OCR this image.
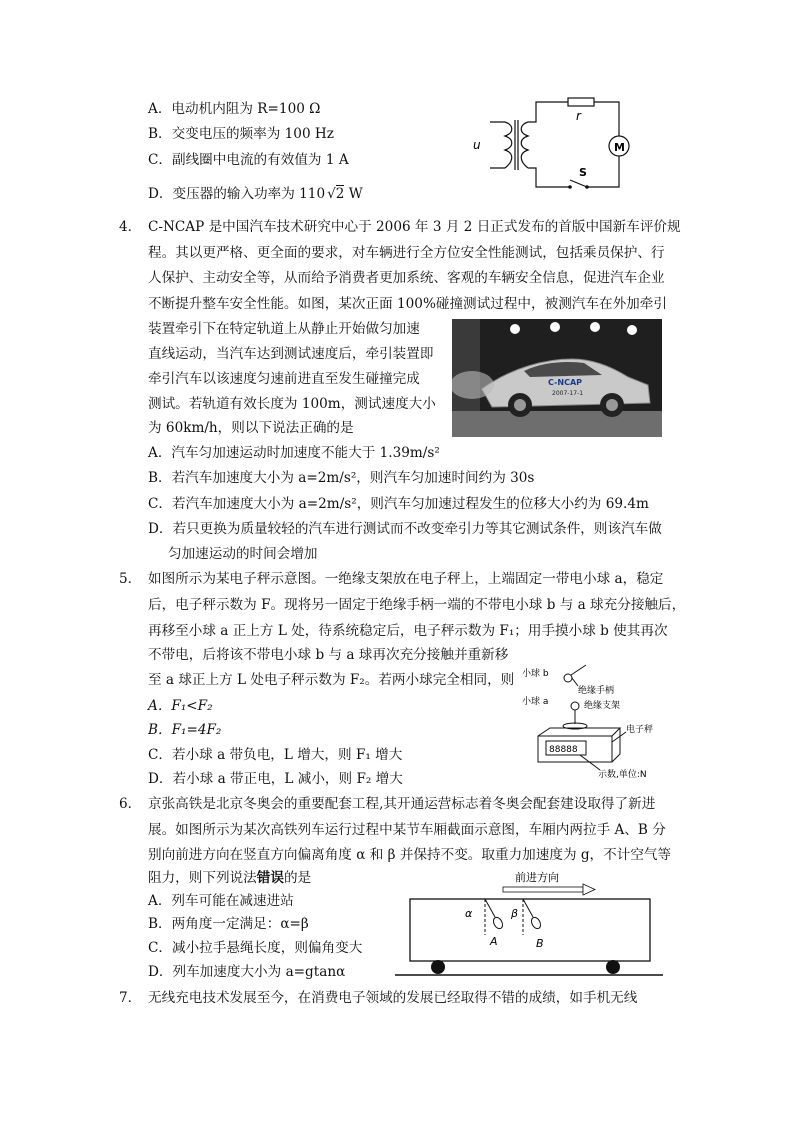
A．电动机内阻为 R=100 Ω
B．交变电压的频率为 100 Hz
C．副线圈中电流的有效值为 1 A
D．变压器的输入功率为 110 √2 W
u
r
M
S
4． C-NCAP 是中国汽车技术研究中心于 2006 年 3 月 2 日正式发布的首版中国新车评价规
程。其以更严格、更全面的要求，对车辆进行全方位安全性能测试，包括乘员保护、行
人保护、主动安全等，从而给予消费者更加系统、客观的车辆安全信息，促进汽车企业
不断提升整车安全性能。如图，某次正面 100%碰撞测试过程中，被测汽车在外加牵引
装置牵引下在特定轨道上从静止开始做匀加速
直线运动，当汽车达到测试速度后，牵引装置即
牵引汽车以该速度匀速前进直至发生碰撞完成
测试。若轨道有效长度为 100m，测试速度大小
为 60km/h，则以下说法正确的是
C-NCAP
2007-17-1
A．汽车匀加速运动时加速度不能大于 1.39m/s²
B．若汽车加速度大小为 a=2m/s²，则汽车匀加速时间约为 30s
C．若汽车加速度大小为 a=2m/s²，则汽车匀加速过程发生的位移大小约为 69.4m
D．若只更换为质量较轻的汽车进行测试而不改变牵引力等其它测试条件，则该汽车做
匀加速运动的时间会增加
5． 如图所示为某电子秤示意图。一绝缘支架放在电子秤上，上端固定一带电小球 a，稳定
后，电子秤示数为 F。现将另一固定于绝缘手柄一端的不带电小球 b 与 a 球充分接触后，
再移至小球 a 正上方 L 处，待系统稳定后，电子秤示数为 F₁；用手摸小球 b 使其再次
不带电，后将该不带电小球 b 与 a 球再次充分接触并重新移
至 a 球正上方 L 处电子秤示数为 F₂。若两小球完全相同，则
A．F₁<F₂
B．F₁=4F₂
C．若小球 a 带负电，L 增大，则 F₁ 增大
D．若小球 a 带正电，L 减小，则 F₂ 增大
小球 b
绝缘手柄
小球 a	绝缘支架
电子秤
88888
示数,单位:N
6． 京张高铁是北京冬奥会的重要配套工程,其开通运营标志着冬奥会配套建设取得了新进
展。如图所示为某次高铁列车运行过程中某节车厢截面示意图，车厢内两拉手 A、B 分
别向前进方向在竖直方向偏离角度 α 和 β 并保持不变。取重力加速度为 g，不计空气等
阻力，则下列说法错误的是
A．列车可能在减速进站
B．两角度一定满足：α=β
C．减小拉手悬绳长度，则偏角变大
D．列车加速度大小为 a=gtanα
前进方向
α	β
A	B
7． 无线充电技术发展至今，在消费电子领域的发展已经取得不错的成绩，如手机无线
